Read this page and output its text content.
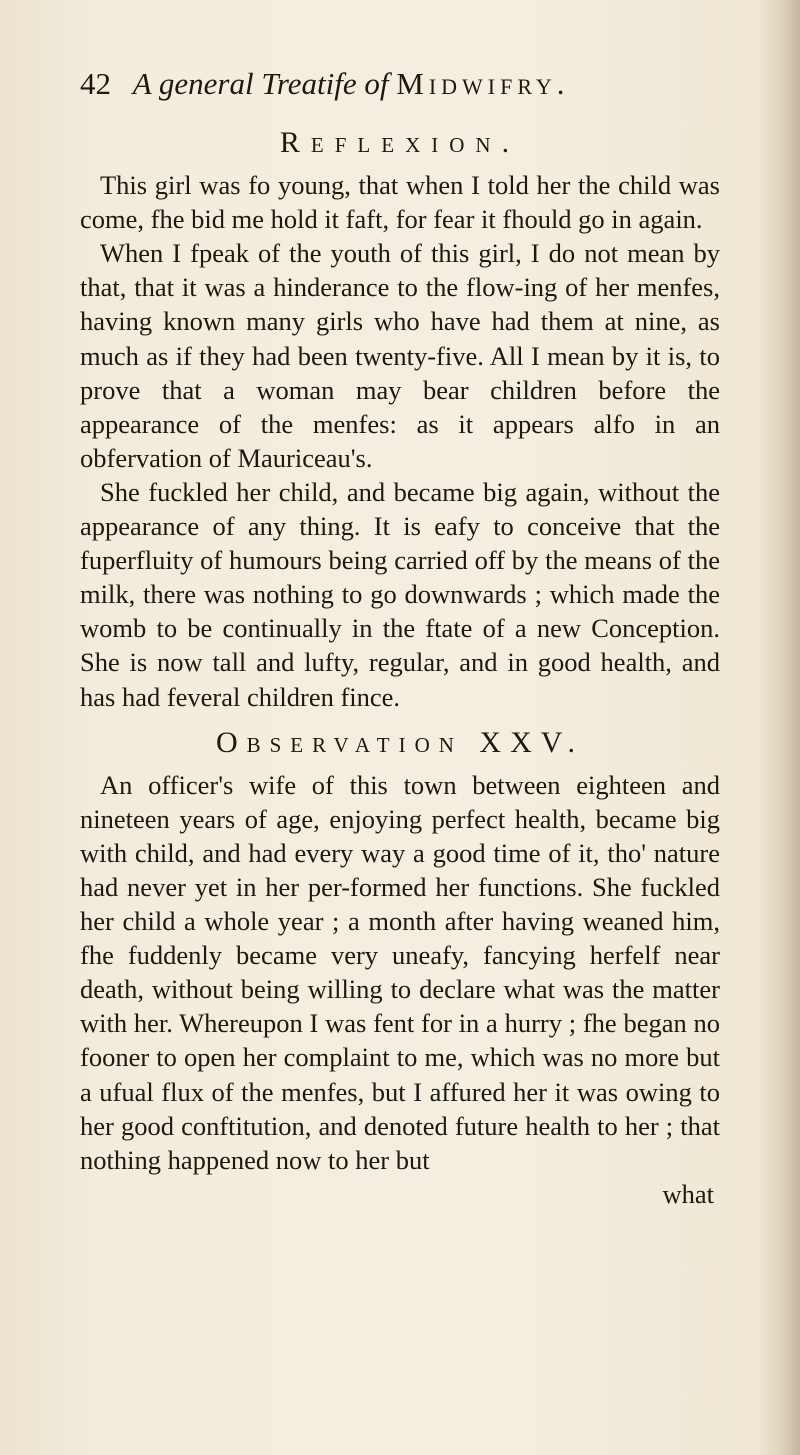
42 A general Treatife of Midwifry.
Reflexion.

This girl was fo young, that when I told her the child was come, fhe bid me hold it faft, for fear it fhould go in again.

When I fpeak of the youth of this girl, I do not mean by that, that it was a hinderance to the flow-ing of her menfes, having known many girls who have had them at nine, as much as if they had been twenty-five. All I mean by it is, to prove that a woman may bear children before the appearance of the menfes: as it appears alfo in an obfervation of Mauriceau's.

She fuckled her child, and became big again, without the appearance of any thing. It is eafy to conceive that the fuperfluity of humours being carried off by the means of the milk, there was nothing to go downwards ; which made the womb to be continually in the ftate of a new Conception. She is now tall and lufty, regular, and in good health, and has had feveral children fince.

Observation XXV.

An officer's wife of this town between eighteen and nineteen years of age, enjoying perfect health, became big with child, and had every way a good time of it, tho' nature had never yet in her per-formed her functions. She fuckled her child a whole year ; a month after having weaned him, fhe fuddenly became very uneafy, fancying herfelf near death, without being willing to declare what was the matter with her. Whereupon I was fent for in a hurry ; fhe began no fooner to open her complaint to me, which was no more but a ufual flux of the menfes, but I affured her it was owing to her good conftitution, and denoted future health to her ; that nothing happened now to her but

what
